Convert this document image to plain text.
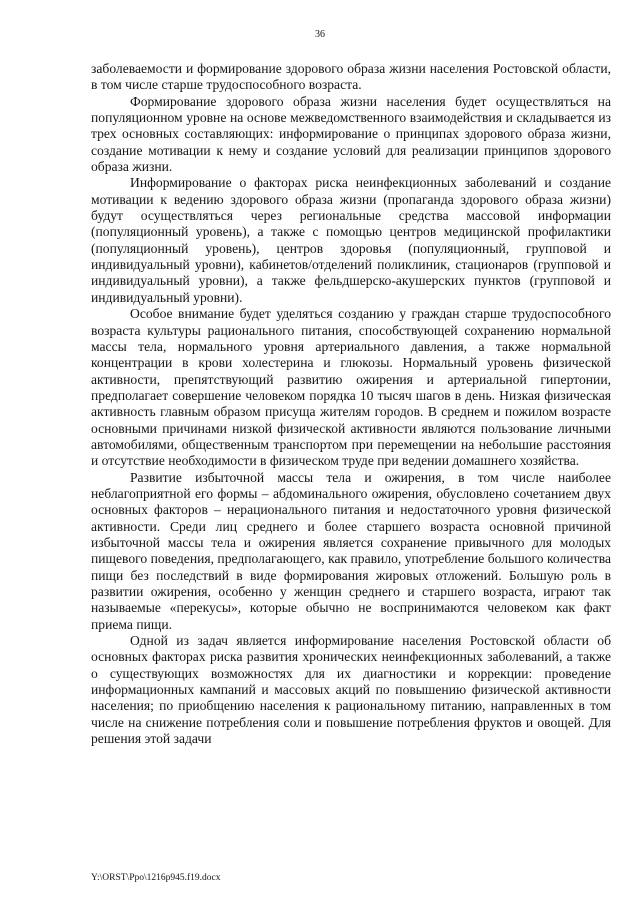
36

заболеваемости и формирование здорового образа жизни населения Ростовской области, в том числе старше трудоспособного возраста.

Формирование здорового образа жизни населения будет осуществляться на популяционном уровне на основе межведомственного взаимодействия и складывается из трех основных составляющих: информирование о принципах здорового образа жизни, создание мотивации к нему и создание условий для реализации принципов здорового образа жизни.

Информирование о факторах риска неинфекционных заболеваний и создание мотивации к ведению здорового образа жизни (пропаганда здорового образа жизни) будут осуществляться через региональные средства массовой информации (популяционный уровень), а также с помощью центров медицинской профилактики (популяционный уровень), центров здоровья (популяционный, групповой и индивидуальный уровни), кабинетов/отделений поликлиник, стационаров (групповой и индивидуальный уровни), а также фельдшерско-акушерских пунктов (групповой и индивидуальный уровни).

Особое внимание будет уделяться созданию у граждан старше трудоспособного возраста культуры рационального питания, способствующей сохранению нормальной массы тела, нормального уровня артериального давления, а также нормальной концентрации в крови холестерина и глюкозы. Нормальный уровень физической активности, препятствующий развитию ожирения и артериальной гипертонии, предполагает совершение человеком порядка 10 тысяч шагов в день. Низкая физическая активность главным образом присуща жителям городов. В среднем и пожилом возрасте основными причинами низкой физической активности являются пользование личными автомобилями, общественным транспортом при перемещении на небольшие расстояния и отсутствие необходимости в физическом труде при ведении домашнего хозяйства.

Развитие избыточной массы тела и ожирения, в том числе наиболее неблагоприятной его формы – абдоминального ожирения, обусловлено сочетанием двух основных факторов – нерационального питания и недостаточного уровня физической активности. Среди лиц среднего и более старшего возраста основной причиной избыточной массы тела и ожирения является сохранение привычного для молодых пищевого поведения, предполагающего, как правило, употребление большого количества пищи без последствий в виде формирования жировых отложений. Большую роль в развитии ожирения, особенно у женщин среднего и старшего возраста, играют так называемые «перекусы», которые обычно не воспринимаются человеком как факт приема пищи.

Одной из задач является информирование населения Ростовской области об основных факторах риска развития хронических неинфекционных заболеваний, а также о существующих возможностях для их диагностики и коррекции: проведение информационных кампаний и массовых акций по повышению физической активности населения; по приобщению населения к рациональному питанию, направленных в том числе на снижение потребления соли и повышение потребления фруктов и овощей. Для решения этой задачи

Y:\ORST\Ppo\1216p945.f19.docx
